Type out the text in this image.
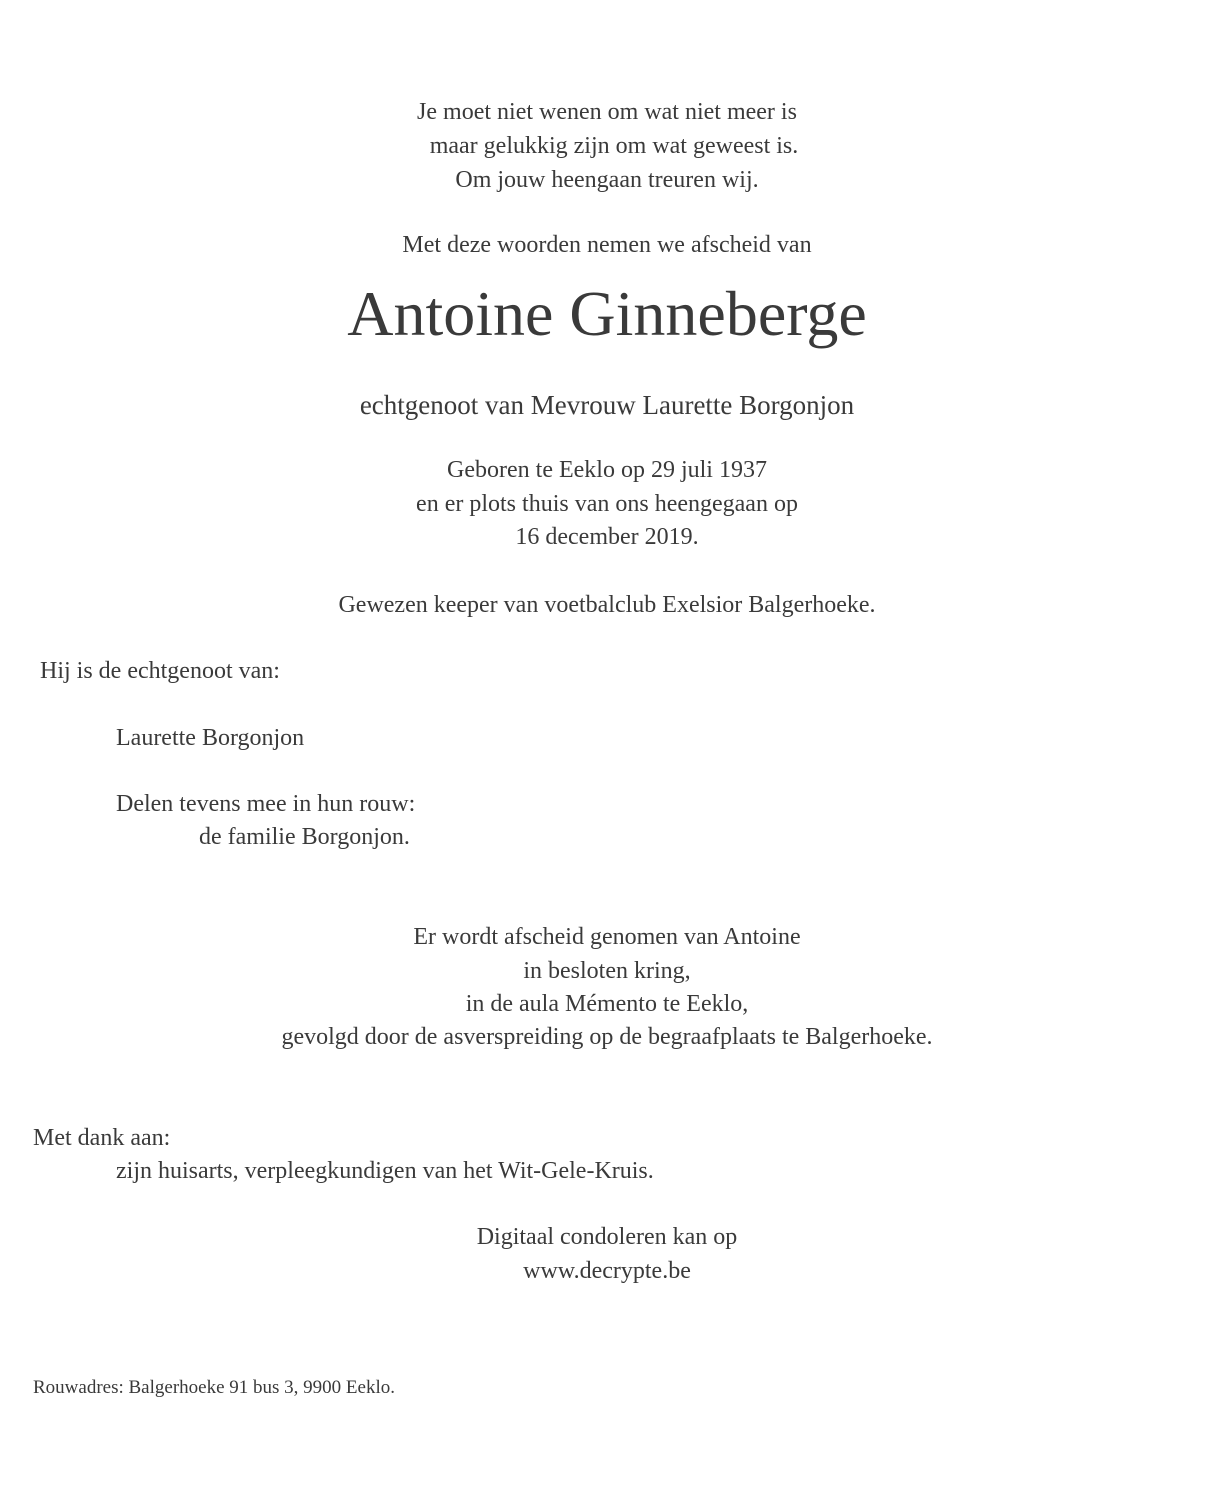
Je moet niet wenen om wat niet meer is

maar gelukkig zijn om wat geweest is.

Om jouw heengaan treuren wij.

Met deze woorden nemen we afscheid van

Antoine Ginneberge

echtgenoot van Mevrouw Laurette Borgonjon

Geboren te Eeklo op 29 juli 1937

en er plots thuis van ons heengegaan op

16 december 2019.

Gewezen keeper van voetbalclub Exelsior Balgerhoeke.

Hij is de echtgenoot van:

Laurette Borgonjon

Delen tevens mee in hun rouw:

de familie Borgonjon.

Er wordt afscheid genomen van Antoine

in besloten kring,

in de aula Mémento te Eeklo,

gevolgd door de asverspreiding op de begraafplaats te Balgerhoeke.

Met dank aan:

zijn huisarts, verpleegkundigen van het Wit-Gele-Kruis.

Digitaal condoleren kan op

www.decrypte.be

Rouwadres: Balgerhoeke 91 bus 3, 9900 Eeklo.
